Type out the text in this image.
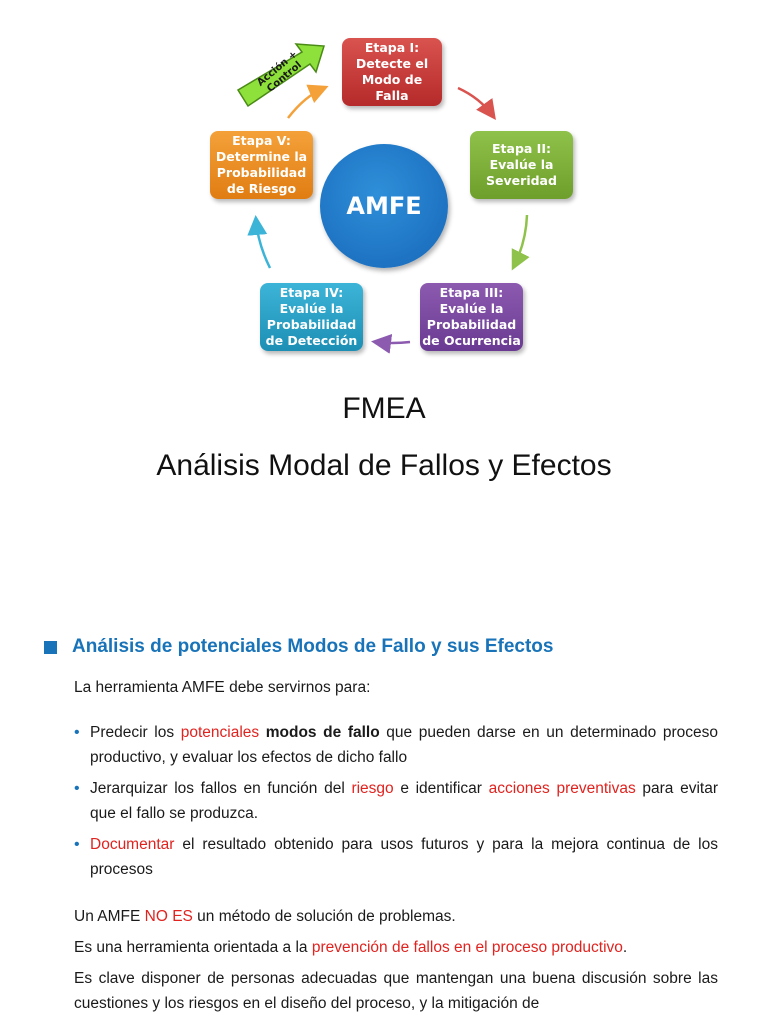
Acción +
Control
Etapa I:
Detecte el
Modo de Falla
Etapa II:
Evalúe la
Severidad
Etapa III:
Evalúe la
Probabilidad
de Ocurrencia
Etapa IV:
Evalúe la
Probabilidad
de Detección
Etapa V:
Determine la
Probabilidad
de Riesgo
AMFE
FMEA
Análisis Modal de Fallos y Efectos
Análisis de potenciales Modos de Fallo y sus Efectos
La herramienta AMFE debe servirnos para:
• Predecir los potenciales modos de fallo que pueden darse en un determinado proceso productivo, y evaluar los efectos de dicho fallo
• Jerarquizar los fallos en función del riesgo e identificar acciones preventivas para evitar que el fallo se produzca.
• Documentar el resultado obtenido para usos futuros y para la mejora continua de los procesos
Un AMFE NO ES un método de solución de problemas.
Es una herramienta orientada a la prevención de fallos en el proceso productivo.
Es clave disponer de personas adecuadas que mantengan una buena discusión sobre las cuestiones y los riesgos en el diseño del proceso, y la mitigación de
